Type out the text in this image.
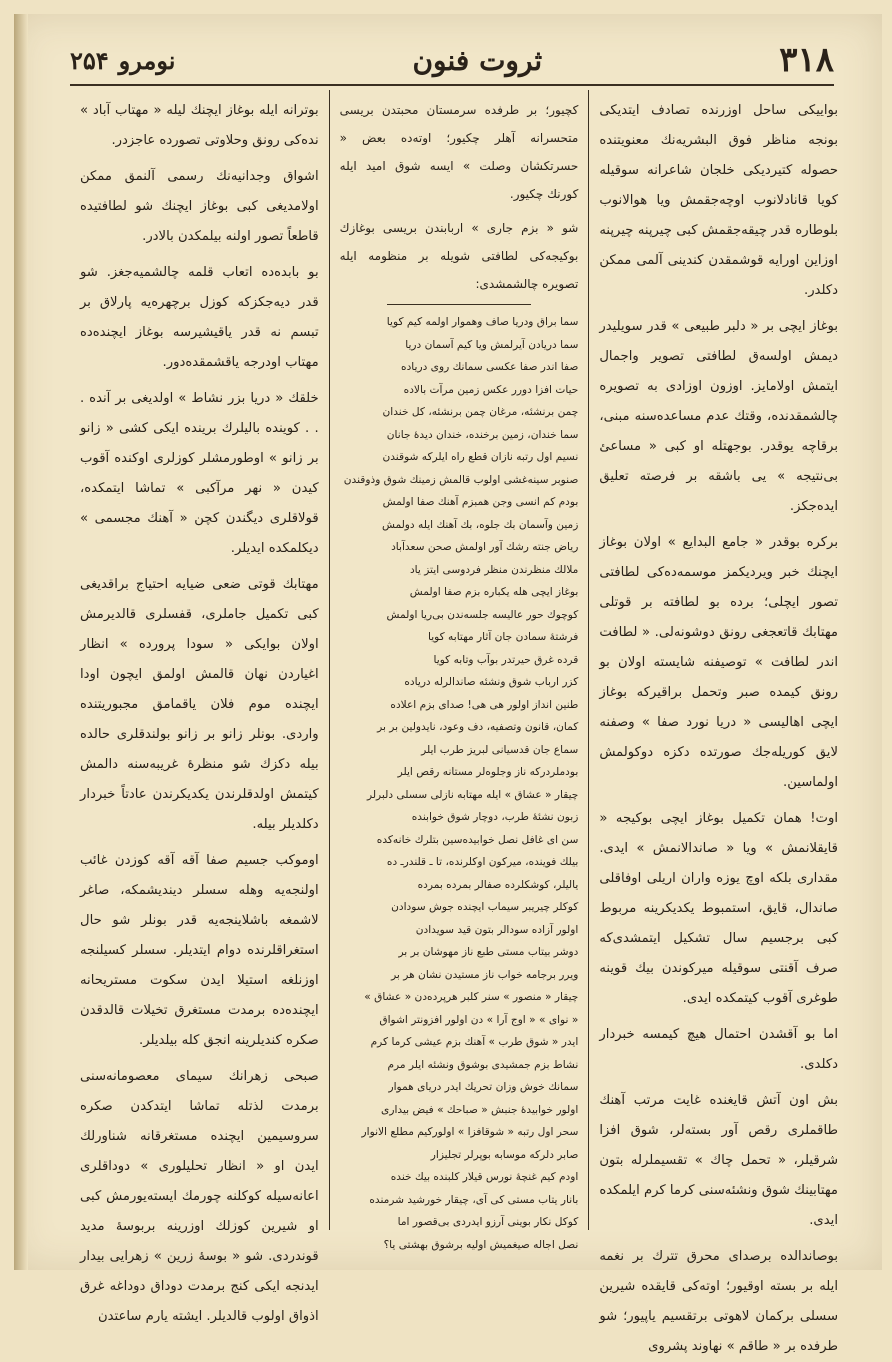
۳۱۸
ثروت فنون
نومرو
۲۵۴

بواییکی ساحل اوزرنده تصادف ایتدیکی بونجه مناظر فوق البشریه‌نك معنویتنده حصوله کتیردیکی خلجان شاعرانه سوقیله کویا قانادلانوب اوچه‌جقمش ویا هوالانوب بلوطاره قدر چیقه‌جقمش کبی چیرپنه چیرپنه اوزاین اورایه قوشمقدن کندینی آلمی ممکن دکلدر.

بوغاز ایچی بر « دلبر طبیعی » قدر سویلیدر دیمش اولسه‌ق لطافتی تصویر واجمال ایتمش اولامایز. اوزون اوزادی به تصویره چالشمقدنده، وقتك عدم مساعده‌سنه مبنی، برقاچه یوقدر. بوجهتله او کبی « مساعئ بی‌نتیجه » یی باشقه بر فرصته تعلیق ایده‌جکز.

برکره بوقدر « جامع البدایع » اولان بوغاز ایچنك خبر ویردیکمز موسمه‌ده‌کی لطافتی تصور ایچلی؛ برده بو لطافته بر قوتلی مهتابك قاتعجغی رونق دوشونه‌لی. « لطافت اندر لطافت » توصیفنه شایسته اولان بو رونق کیمده صبر وتحمل براقیرکه بوغاز ایچی اهالیسی « دریا نورد صفا » وصفنه لایق کوریله‌جك صورتده دکزه دوکولمش اولماسین.

اوت! همان تکمیل بوغاز ایچی بوکیجه « قایقلانمش » ویا « صاندالانمش » ایدی. مقداری بلکه اوچ یوزه واران اریلی اوفاقلی صاندال، قایق، استمبوط یکدیکرینه مربوط کبی برجسیم سال تشکیل ایتمشدی‌که صرف آقنتی سوقیله میرکوندن بیك قوینه طوغری آقوب کیتمکده ایدی.

اما بو آقشدن احتمال هیچ کیمسه خبردار دکلدی.

بش اون آتش قایغنده غایت مرتب آهنك طاقملری رقص آور بسته‌لر، شوق افزا شرقیلر، « تحمل چاك » تقسیملرله بتون مهتابینك شوق ونشئه‌سنی کرما کرم ایلمکده ایدی.

بوصاندالده برصدای محرق تترك بر نغمه ایله بر بسته اوقیور؛ اوته‌کی قایقده شیرین سسلی برکمان لاهوتی برتقسیم یاپیور؛ شو طرفده بر « طاقم » نهاوند پشروی

کچیور؛ بر طرفده سرمستان محبتدن بریسی متحسرانه آهلر چکیور؛ اوته‌ده بعض « حسرتکشان وصلت » ایسه شوق امید ایله کورنك چکیور.

شو « بزم جاری » اربابندن بریسی بوغازك بوکیجه‌کی لطافتی شویله بر منظومه ایله تصویره چالشمشدی:

سما براق ودریا صاف وهموار اولمه کیم کویا
سما دریادن آیرلمش ویا کیم آسمان دریا
صفا اندر صفا عکسی سمانك روی دریاده
حیات افزا دورر عکس زمین مرآت بالاده
چمن برنشئه، مرغان چمن برنشئه، کل خندان
سما خندان، زمین برخنده، خندان دیدهٔ جانان
نسیم اول رتبه نازان قطع راه ایلرکه شوقندن
صنوبر سینه‌غشی اولوب قالمش زمینك شوق وذوقندن
بودم کم انسی وجن همبزم آهنك صفا اولمش
زمین وآسمان بك جلوه، بك آهنك ایله دولمش
ریاض جنته رشك آور اولمش صحن سعدآباد
ملالك منظرندن منظر فردوسی ایتز یاد
بوغاز ایچی هله یکباره بزم صفا اولمش
کوچوك حور عالیسه جلسه‌ندن بی‌ریا اولمش
فرشتهٔ سمادن جان آثار مهتابه کویا
قرده غرق حیرتدر بوآب وتابه کویا
کزر ارباب شوق ونشئه صاندالرله دریاده
طنین انداز اولور هی هی! صدای بزم اعلاده
کمان، قانون وتصفیه، دف وعود، نایدولین بر بر
سماع جان قدسیانی لبریز طرب ایلر
بودملردرکه ناز وجلوه‌لر مستانه رقص ایلر
چیقار « عشاق » ایله مهتابه نازلی سسلی دلبرلر
زبون نشئهٔ طرب، دوچار شوق خوابنده
سن ای غافل نصل خوابیده‌سین بتلرك خانه‌كده
بیلك فوینده، میرکون اوکلرنده، تا ـ قلندرـ ده
یالیلر، کوشکلرده صفالر بمرده بمرده
کوکلر چیریبر سیماب ایچنده جوش سودادن
اولور آزاده سودالر بتون قید سویدادن
دوشر بیتاب مستی طبع ناز مهوشان بر بر
ویرر برجامه خواب ناز مستیدن نشان هر بر
چیقار « منصور » سنر کلبر هرپرده‌دن « عشاق »
« نوای » « اوج آرا » دن اولور افزونتر اشواق
ایدر « شوق طرب » آهنك بزم عیشی کرما کرم
نشاط بزم جمشیدی بوشوق ونشئه ایلر مرم
سمانك خوش وزان تحریك ایدر دریای هموار
اولور خوابیدهٔ جنبش « صباحك » فیض بیداری
سحر اول رتبه « شوقافزا » اولورکیم مطلع الانوار
صابر دلرکه موسابه بوپرلر تجلیزار
اودم کیم غنچهٔ نورس قیلار کلبنده بیك خنده
بانار یتاب مستی کی آی، چیقار خورشید شرمنده
کوکل نکار بوینی آرزو ایدردی بی‌قصور اما
نصل اجاله صیغمیش اولیه برشوق بهشتی یا؟

بوترانه ایله بوغاز ایچنك لیله « مهتاب آباد » نده‌کی رونق وحلاوتی تصورده عاجزدر.

اشواق وجدانیه‌نك رسمی آلنمق ممکن اولامدیغی کبی بوغاز ایچنك شو لطافتیده قاطعاً تصور اولنه بیلمکدن بالادر.

بو بابده‌ده اتعاب قلمه چالشمیه‌جغز. شو قدر دیه‌جکزکه کوزل برچهره‌یه پارلاق بر تبسم نه قدر یاقیشیرسه بوغاز ایچنده‌ده مهتاب اودرجه یاقشمقده‌دور.

خلقك « دریا بزر نشاط » اولدیغی بر آنده . . . کوینده بالیلرك برینده ایکی کشی « زانو بر زانو » اوطورمشلر کوزلری اوکنده آقوب کیدن « نهر مرآکبی » تماشا ایتمکده، قولاقلری دیگندن کچن « آهنك مجسمی » دیکلمکده ایدیلر.

مهتابك قوتی ضعی ضیایه احتیاج براقدیغی کبی تکمیل جاملری، قفسلری قالدیرمش اولان بوایکی « سودا پرورده » انظار اغیاردن نهان قالمش اولمق ایچون اودا ایچنده موم فلان یاقمامق مجبوریتنده واردی. بونلر زانو بر زانو بولندقلری حالده بیله دکزك شو منظرهٔ غریبه‌سنه دالمش کیتمش اولدقلرندن یکدیکرندن عادتاً خبردار دکلدیلر بیله.

اوموکب جسیم صفا آقه آقه کوزدن غائب اولنجه‌یه وهله سسلر دیندیشمکه، صاغر لاشمغه باشلاینجه‌یه قدر بونلر شو حال استغراقلرنده دوام ایتدیلر. سسلر کسیلنجه اوزنلغه استیلا ایدن سکوت مستریحانه ایچنده‌ده برمدت مستغرق تخیلات قالدقدن صکره کندیلرینه انجق کله بیلدیلر.

صبحی زهرانك سیمای معصومانه‌سنی برمدت لذتله تماشا ایتدکدن صکره سروسیمین ایچنده مستغرقانه شناورلك ایدن او « انظار تحلیلوری » دوداقلری اعانه‌سیله کوکلنه چورمك ایسته‌یورمش کبی او شیرین کوزلك اوزرینه بربوسهٔ مدید قوندردی. شو « بوسهٔ زرین » زهرایی بیدار ایدنجه ایکی کنج برمدت دوداق دوداغه غرق اذواق اولوب قالدیلر. ایشته یارم ساعتدن
